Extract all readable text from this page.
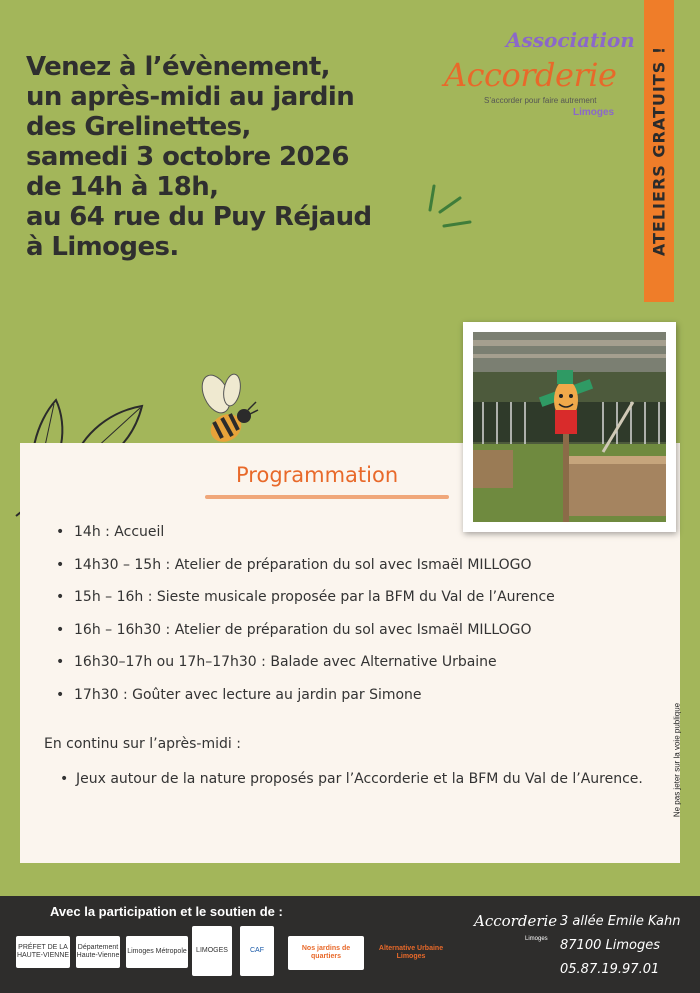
Venez à l’évènement,
un après-midi au jardin
des Grelinettes,
samedi 3 octobre 2026
de 14h à 18h,
au 64 rue du Puy Réjaud
à Limoges.
Association
Accorderie
S’accorder pour faire autrement
Limoges ATELIERS GRATUITS !
Programmation
• 14h : Accueil
• 14h30 – 15h : Atelier de préparation du sol avec Ismaël MILLOGO
• 15h – 16h : Sieste musicale proposée par la BFM du Val de l’Aurence
• 16h – 16h30 : Atelier de préparation du sol avec Ismaël MILLOGO
• 16h30–17h ou 17h–17h30 : Balade avec Alternative Urbaine
• 17h30 : Goûter avec lecture au jardin par Simone
En continu sur l’après-midi :
• Jeux autour de la nature proposés par l’Accorderie et la BFM du Val de l’Aurence.	Ne pas jeter sur la voie publique
Avec la participation et le soutien de :
PRÉFET DE LA HAUTE-VIENNE
Département Haute-Vienne
Limoges Métropole LIMOGES	CAF	Nos jardins de quartiers
Alternative Urbaine Limoges
Accorderie
Limoges
3 allée Emile Kahn
87100 Limoges
05.87.19.97.01
